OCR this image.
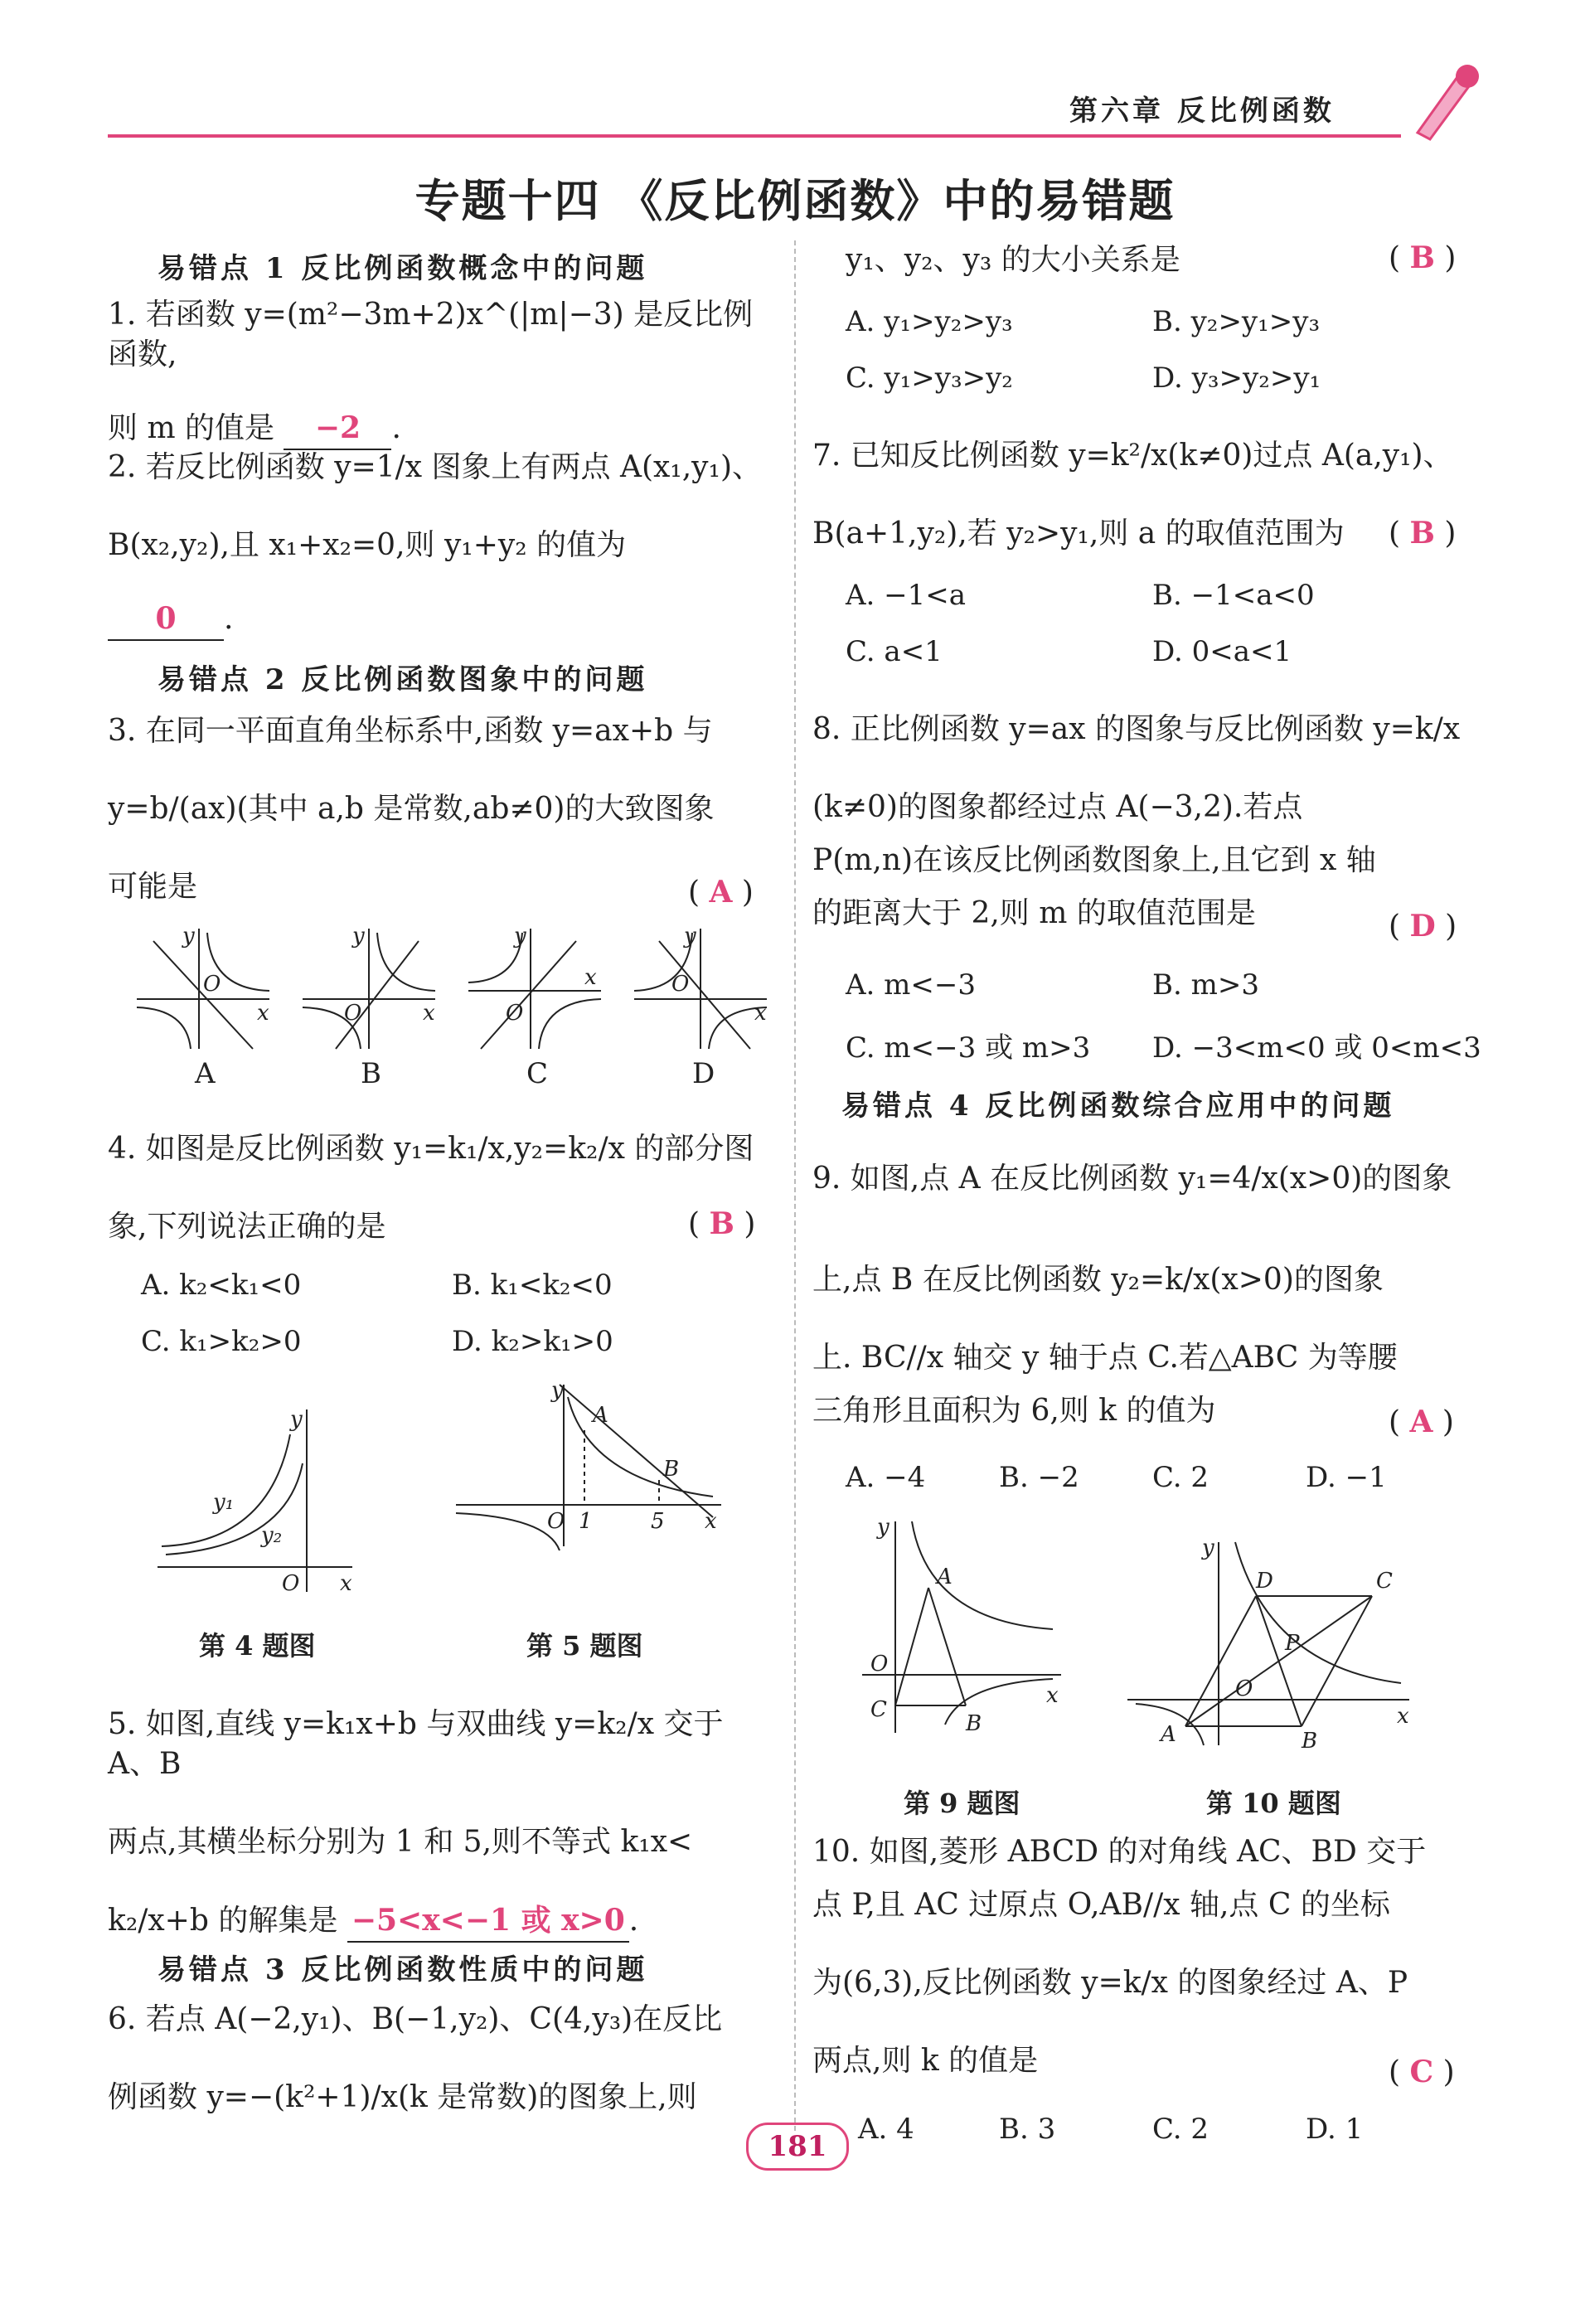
第六章 反比例函数
专题十四 《反比例函数》中的易错题
易错点 1 反比例函数概念中的问题
1. 若函数 y=(m²−3m+2)x^(|m|−3) 是反比例函数,
则 m 的值是 −2 .
2. 若反比例函数 y=1/x 图象上有两点 A(x₁,y₁)、
B(x₂,y₂),且 x₁+x₂=0,则 y₁+y₂ 的值为
0 .
易错点 2 反比例函数图象中的问题
3. 在同一平面直角坐标系中,函数 y=ax+b 与
y=b/(ax)(其中 a,b 是常数,ab≠0)的大致图象
可能是	( A )
y
O
x
A
y
O	x
B
y
O
x
C
y
O
x
D
4. 如图是反比例函数 y₁=k₁/x,y₂=k₂/x 的部分图
象,下列说法正确的是	( B )
A. k₂<k₁<0	B. k₁<k₂<0
C. k₁>k₂>0	D. k₂>k₁>0
y
O x
y₁
y₂
第 4 题图
y
A
B
O 1	5 x
第 5 题图
5. 如图,直线 y=k₁x+b 与双曲线 y=k₂/x 交于 A、B
两点,其横坐标分别为 1 和 5,则不等式 k₁x<
k₂/x+b 的解集是 −5<x<−1 或 x>0 .
易错点 3 反比例函数性质中的问题
6. 若点 A(−2,y₁)、B(−1,y₂)、C(4,y₃)在反比
例函数 y=−(k²+1)/x(k 是常数)的图象上,则
y₁、y₂、y₃ 的大小关系是	( B )
A. y₁>y₂>y₃	B. y₂>y₁>y₃
C. y₁>y₃>y₂	D. y₃>y₂>y₁
7. 已知反比例函数 y=k²/x(k≠0)过点 A(a,y₁)、
B(a+1,y₂),若 y₂>y₁,则 a 的取值范围为	( B )
A. −1<a	B. −1<a<0
C. a<1	D. 0<a<1
8. 正比例函数 y=ax 的图象与反比例函数 y=k/x
(k≠0)的图象都经过点 A(−3,2).若点
P(m,n)在该反比例函数图象上,且它到 x 轴
的距离大于 2,则 m 的取值范围是	( D )
A. m<−3	B. m>3
C. m<−3 或 m>3 D. −3<m<0 或 0<m<3
易错点 4 反比例函数综合应用中的问题
9. 如图,点 A 在反比例函数 y₁=4/x(x>0)的图象
上,点 B 在反比例函数 y₂=k/x(x>0)的图象
上. BC//x 轴交 y 轴于点 C.若△ABC 为等腰
三角形且面积为 6,则 k 的值为	( A )
A. −4	B. −2	C. 2	D. −1
y
A
O
C
B
x
第 9 题图
y
D	C
P
O
A	B
x
第 10 题图
10. 如图,菱形 ABCD 的对角线 AC、BD 交于
点 P,且 AC 过原点 O,AB//x 轴,点 C 的坐标
为(6,3),反比例函数 y=k/x 的图象经过 A、P
两点,则 k 的值是	( C )
A. 4	B. 3	C. 2	D. 1
181
